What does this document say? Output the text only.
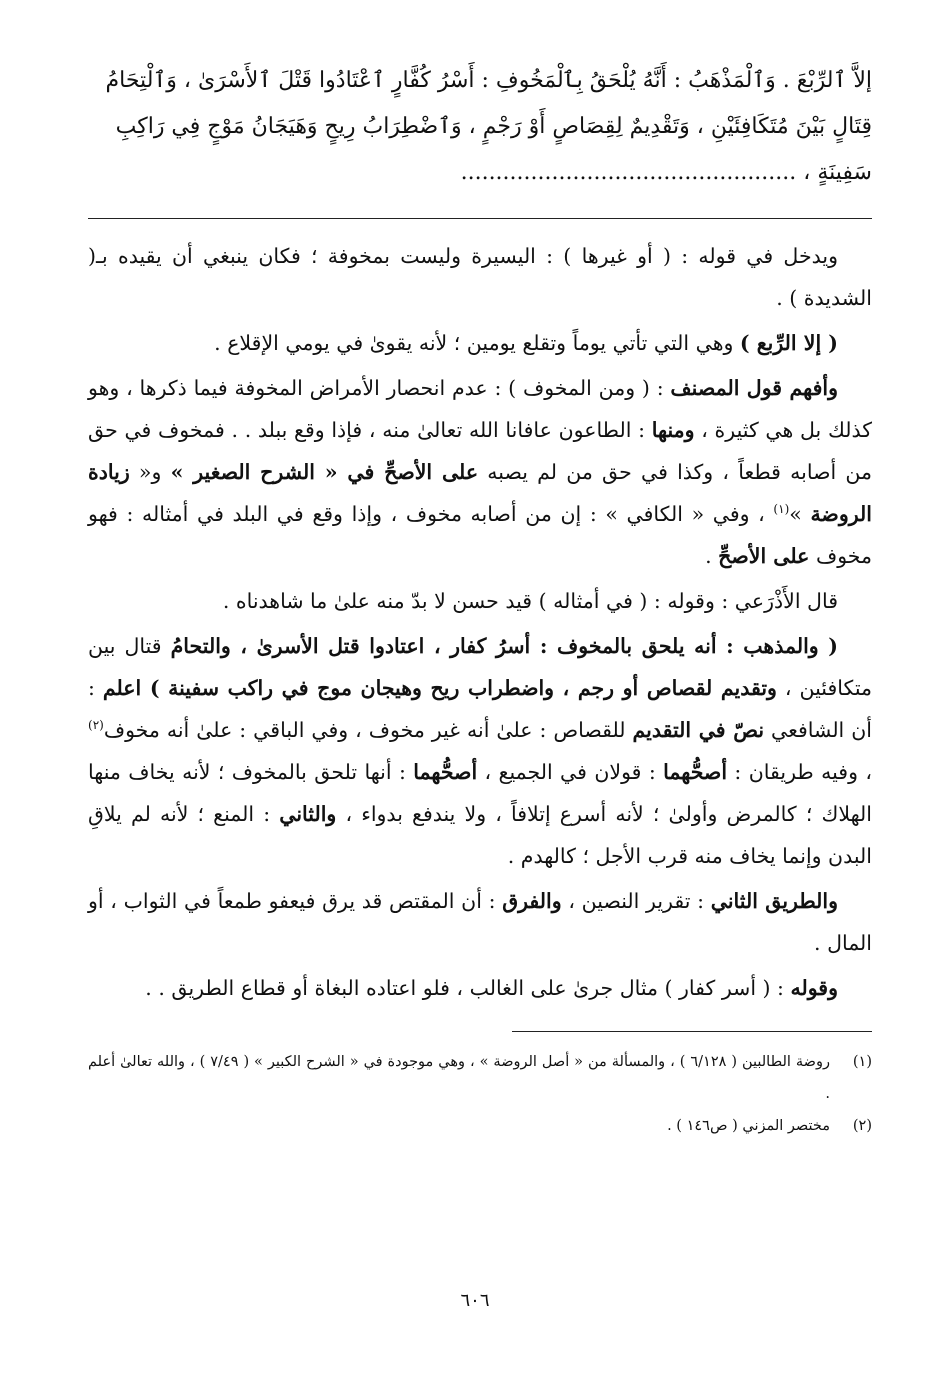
إلاَّ ٱلرِّبْعَ . وَٱلْمَذْهَبُ : أَنَّهُ يُلْحَقُ بِٱلْمَخُوفِ : أَسْرُ كُفَّارٍ ٱعْتَادُوا قَتْلَ ٱلأَسْرَىٰ ، وَٱلْتِحَامُ
قِتَالٍ بَيْنَ مُتَكَافِئَيْنِ ، وَتَقْدِيمٌ لِقِصَاصٍ أَوْ رَجْمٍ ، وَٱضْطِرَابُ رِيحٍ وَهَيَجَانُ مَوْجٍ فِي رَاكِبِ
سَفِينَةٍ ، ................................................

ويدخل في قوله : ( أو غيرها ) : اليسيرة وليست بمخوفة ؛ فكان ينبغي أن يقيده بـ( الشديدة ) .

( إلا الرِّبع ) وهي التي تأتي يوماً وتقلع يومين ؛ لأنه يقوىٰ في يومي الإقلاع .

وأفهم قول المصنف : ( ومن المخوف ) : عدم انحصار الأمراض المخوفة فيما ذكرها ، وهو كذلك بل هي كثيرة ، ومنها : الطاعون عافانا الله تعالىٰ منه ، فإذا وقع ببلد . . فمخوف في حق من أصابه قطعاً ، وكذا في حق من لم يصبه على الأصحِّ في « الشرح الصغير » و« زيادة الروضة »$^{(١)}$ ، وفي « الكافي » : إن من أصابه مخوف ، وإذا وقع في البلد في أمثاله : فهو مخوف على الأصحِّ .

قال الأَذْرَعي : وقوله : ( في أمثاله ) قيد حسن لا بدّ منه علىٰ ما شاهدناه .

( والمذهب : أنه يلحق بالمخوف : أسرُ كفار ، اعتادوا قتل الأسرىٰ ، والتحامُ قتال بين متكافئين ، وتقديم لقصاص أو رجم ، واضطراب ريح وهيجان موج في راكب سفينة ) اعلم : أن الشافعي نصّ في التقديم للقصاص : علىٰ أنه غير مخوف ، وفي الباقي : علىٰ أنه مخوف$^{(٢)}$ ، وفيه طريقان : أصحُّهما : قولان في الجميع ، أصحُّهما : أنها تلحق بالمخوف ؛ لأنه يخاف منها الهلاك ؛ كالمرض وأولىٰ ؛ لأنه أسرع إتلافاً ، ولا يندفع بدواء ، والثاني : المنع ؛ لأنه لم يلاقِ البدن وإنما يخاف منه قرب الأجل ؛ كالهدم .

والطريق الثاني : تقرير النصين ، والفرق : أن المقتص قد يرق فيعفو طمعاً في الثواب ، أو المال .

وقوله : ( أسر كفار ) مثال جرىٰ على الغالب ، فلو اعتاده البغاة أو قطاع الطريق . .

(١)
روضة الطالبين ( ٦/١٢٨ ) ، والمسألة من « أصل الروضة » ، وهي موجودة في « الشرح الكبير » ( ٧/٤٩ ) ، والله تعالىٰ أعلم .
(٢)
مختصر المزني ( ص١٤٦ ) .
٦٠٦
